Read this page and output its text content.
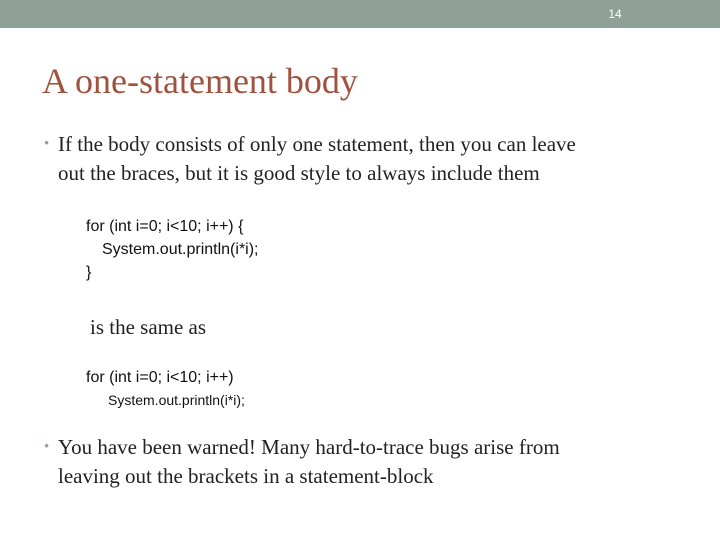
14
A one-statement body
• If the body consists of only one statement, then you can leave
out the braces, but it is good style to always include them
for (int i=0; i<10; i++) {
System.out.println(i*i);
}
is the same as
for (int i=0; i<10; i++)
System.out.println(i*i);
• You have been warned! Many hard-to-trace bugs arise from
leaving out the brackets in a statement-block
